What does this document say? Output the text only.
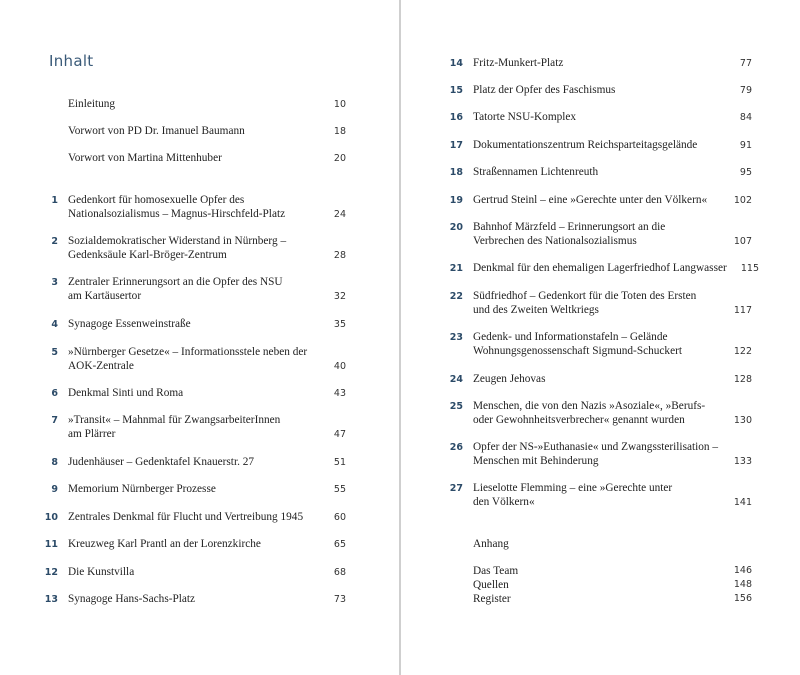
Inhalt
Einleitung	10
Vorwort von PD Dr. Imanuel Baumann	18
Vorwort von Martina Mittenhuber	20
1 Gedenkort für homosexuelle Opfer des
Nationalsozialismus – Magnus-Hirschfeld-Platz	24
2 Sozialdemokratischer Widerstand in Nürnberg –
Gedenksäule Karl-Bröger-Zentrum	28
3 Zentraler Erinnerungsort an die Opfer des NSU
am Kartäusertor	32
4 Synagoge Essenweinstraße	35
5 »Nürnberger Gesetze« – Informationsstele neben der
AOK-Zentrale	40
6 Denkmal Sinti und Roma	43
7 »Transit« – Mahnmal für ZwangsarbeiterInnen
am Plärrer	47
8 Judenhäuser – Gedenktafel Knauerstr. 27	51
9 Memorium Nürnberger Prozesse	55
10 Zentrales Denkmal für Flucht und Vertreibung 1945	60
11 Kreuzweg Karl Prantl an der Lorenzkirche	65
12 Die Kunstvilla	68
13 Synagoge Hans-Sachs-Platz	73
14 Fritz-Munkert-Platz	77
15 Platz der Opfer des Faschismus	79
16 Tatorte NSU-Komplex	84
17 Dokumentationszentrum Reichsparteitagsgelände	91
18 Straßennamen Lichtenreuth	95
19 Gertrud Steinl – eine »Gerechte unter den Völkern«	102
20 Bahnhof Märzfeld – Erinnerungsort an die
Verbrechen des Nationalsozialismus	107
21 Denkmal für den ehemaligen Lagerfriedhof Langwasser	115
22 Südfriedhof – Gedenkort für die Toten des Ersten
und des Zweiten Weltkriegs	117
23 Gedenk- und Informationstafeln – Gelände
Wohnungsgenossenschaft Sigmund-Schuckert	122
24 Zeugen Jehovas	128
25 Menschen, die von den Nazis »Asoziale«, »Berufs-
oder Gewohnheitsverbrecher« genannt wurden	130
26 Opfer der NS-»Euthanasie« und Zwangssterilisation –
Menschen mit Behinderung	133
27 Lieselotte Flemming – eine »Gerechte unter
den Völkern«	141
Anhang
Das Team	146
Quellen	148
Register	156
